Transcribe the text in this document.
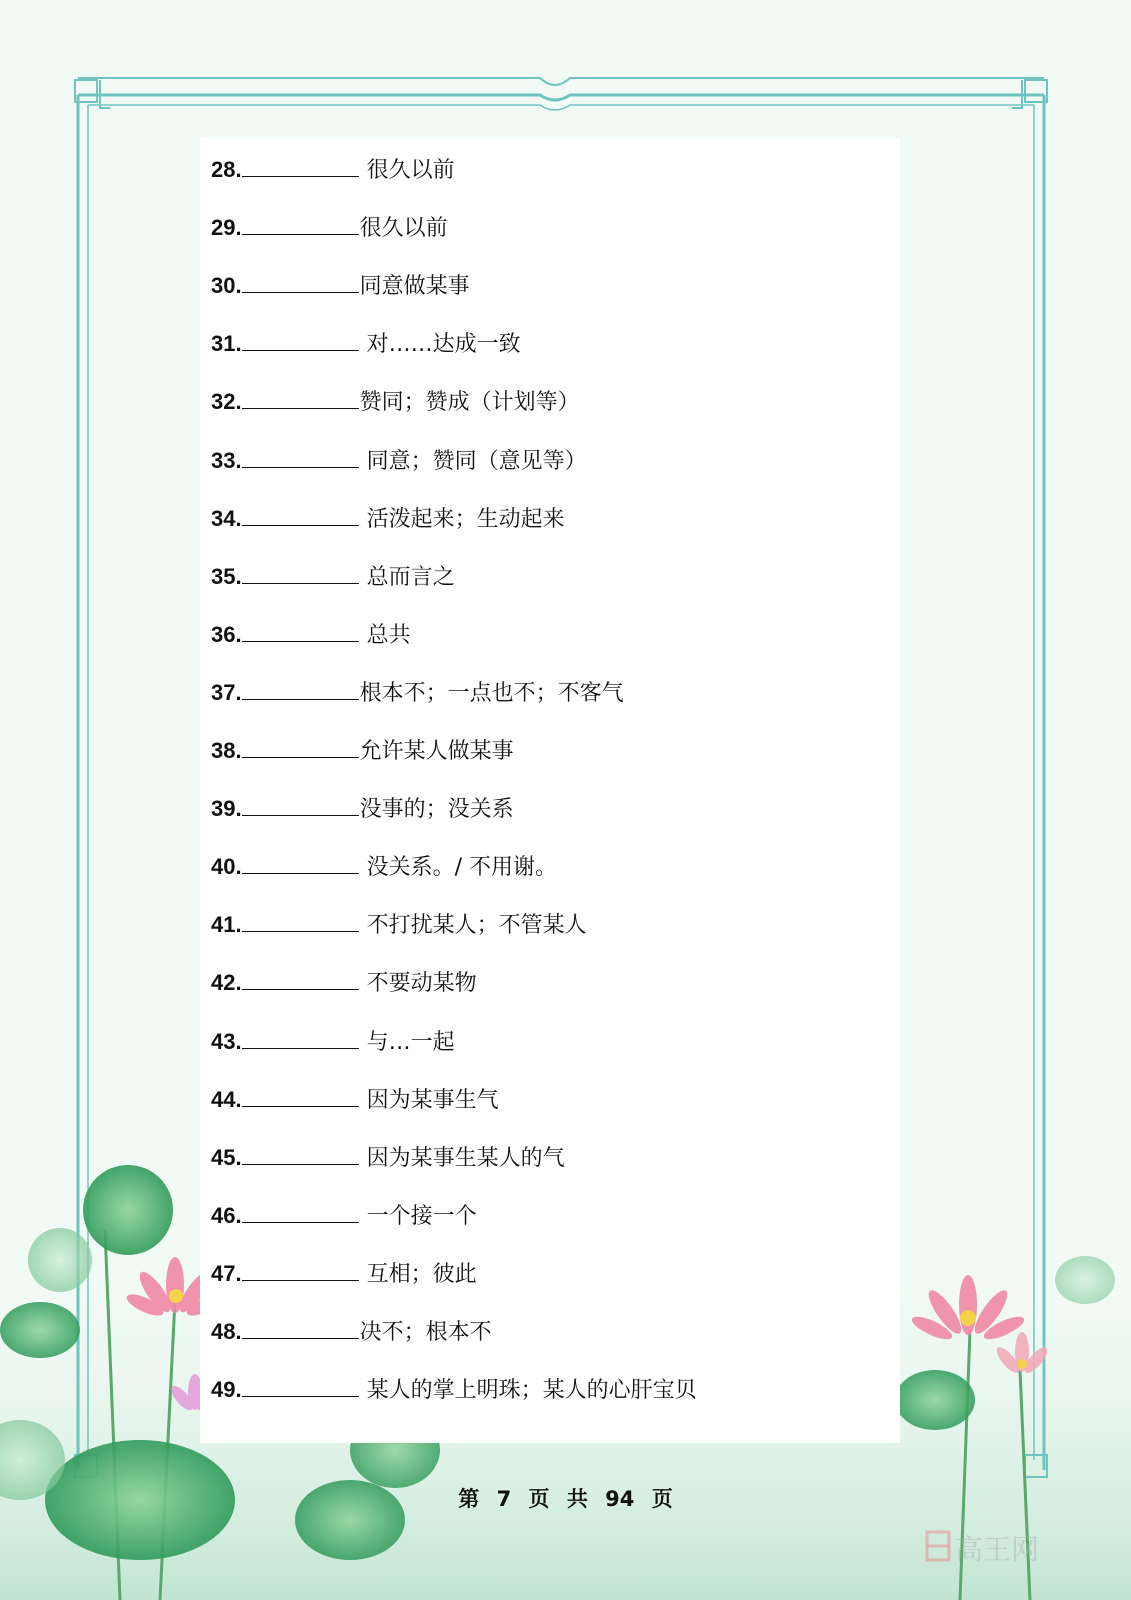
28.	很久以前
29.	很久以前
30.	同意做某事
31.	对……达成一致
32.	赞同；赞成（计划等）
33.	同意；赞同（意见等）
34.	活泼起来；生动起来
35.	总而言之
36.	总共
37.	根本不；一点也不；不客气
38.	允许某人做某事
39.	没事的；没关系
40.	没关系。/ 不用谢。
41.	不打扰某人；不管某人
42.	不要动某物
43.	与…一起
44.	因为某事生气
45.	因为某事生某人的气
46.	一个接一个
47.	互相；彼此
48.	决不；根本不
49.	某人的掌上明珠；某人的心肝宝贝
第 7 页 共 94 页
高王网
